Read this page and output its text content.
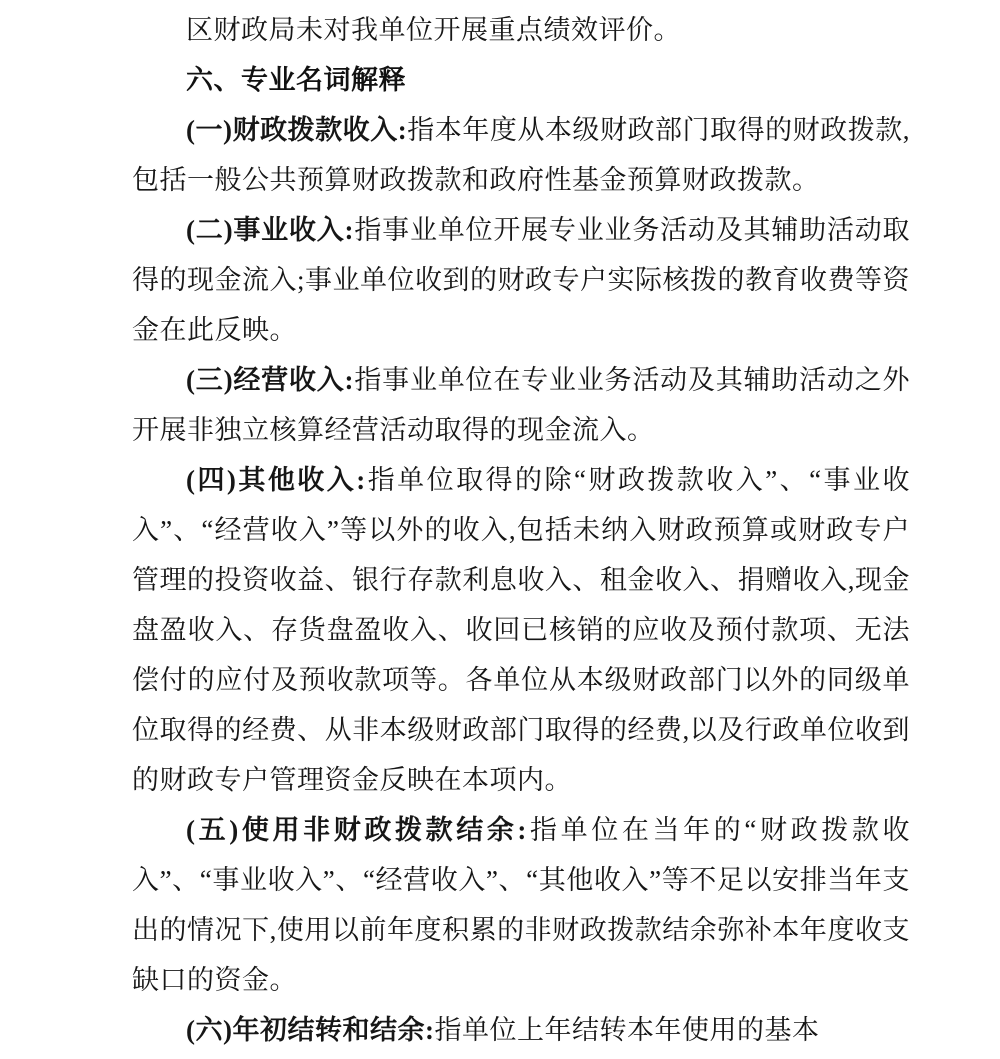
区财政局未对我单位开展重点绩效评价。

六、专业名词解释

(一)财政拨款收入:指本年度从本级财政部门取得的财政拨款,包括一般公共预算财政拨款和政府性基金预算财政拨款。

(二)事业收入:指事业单位开展专业业务活动及其辅助活动取得的现金流入;事业单位收到的财政专户实际核拨的教育收费等资金在此反映。

(三)经营收入:指事业单位在专业业务活动及其辅助活动之外开展非独立核算经营活动取得的现金流入。

(四)其他收入:指单位取得的除“财政拨款收入”、“事业收入”、“经营收入”等以外的收入,包括未纳入财政预算或财政专户管理的投资收益、银行存款利息收入、租金收入、捐赠收入,现金盘盈收入、存货盘盈收入、收回已核销的应收及预付款项、无法偿付的应付及预收款项等。各单位从本级财政部门以外的同级单位取得的经费、从非本级财政部门取得的经费,以及行政单位收到的财政专户管理资金反映在本项内。

(五)使用非财政拨款结余:指单位在当年的“财政拨款收入”、“事业收入”、“经营收入”、“其他收入”等不足以安排当年支出的情况下,使用以前年度积累的非财政拨款结余弥补本年度收支缺口的资金。

(六)年初结转和结余:指单位上年结转本年使用的基本
